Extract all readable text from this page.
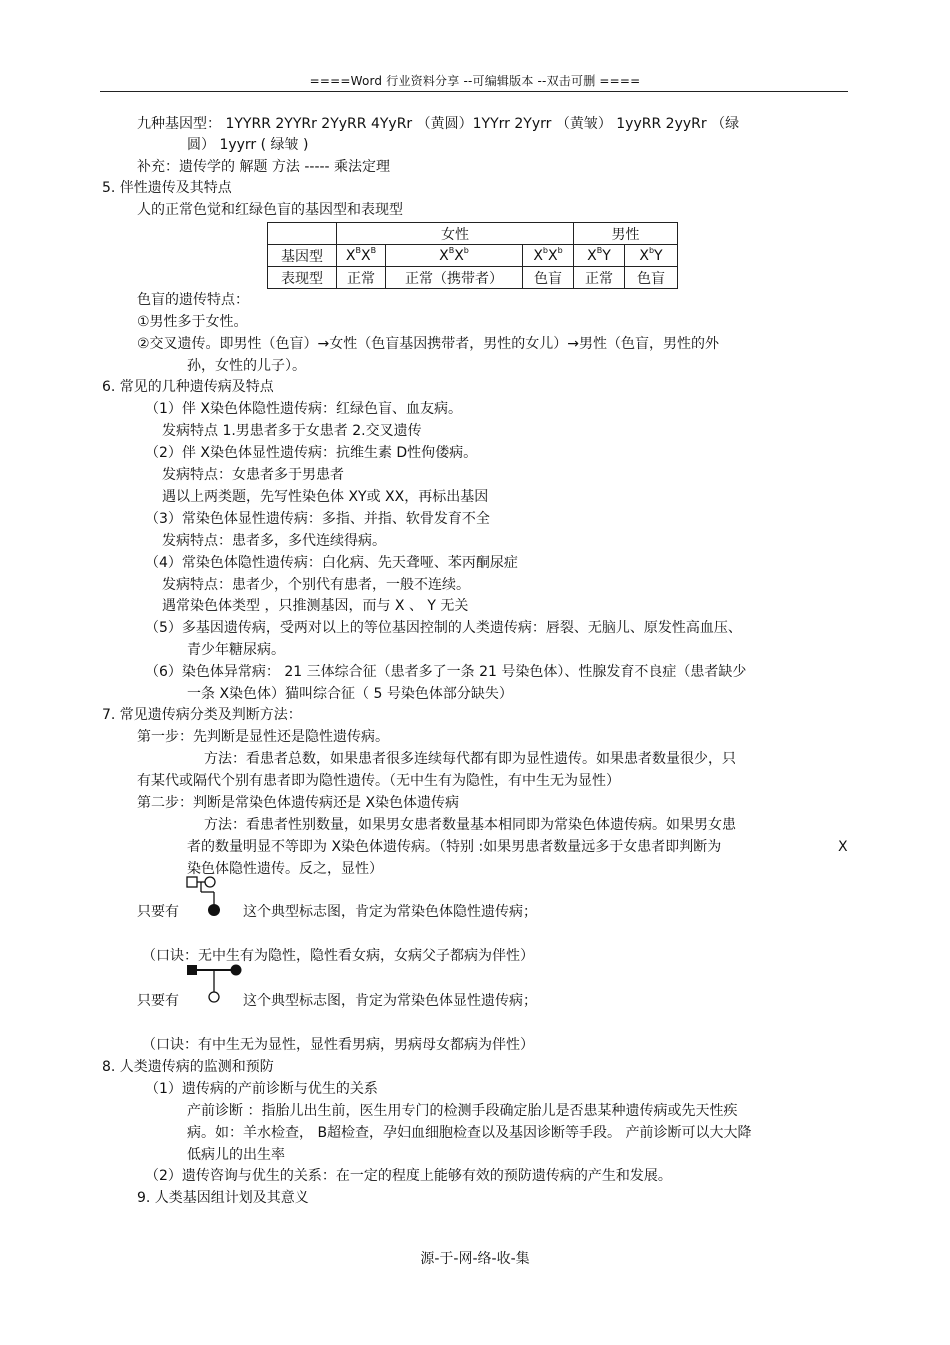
====Word 行业资料分享 --可编辑版本 --双击可删 ====
九种基因型： 1YYRR 2YYRr 2YyRR 4YyRr （黄圆）1YYrr 2Yyrr （黄皱） 1yyRR 2yyRr （绿
圆） 1yyrr ( 绿皱 )
补充：遗传学的 解题 方法 ----- 乘法定理
5. 伴性遗传及其特点
人的正常色觉和红绿色盲的基因型和表现型
	女性			男性	
基因型	$X^BX^B$	$X^BX^b$	$X^bX^b$	$X^BY$	$X^bY$
表现型	正常	正常（携带者）	色盲	正常	色盲
色盲的遗传特点：
①男性多于女性。
②交叉遗传。即男性（色盲）→女性（色盲基因携带者，男性的女儿）→男性（色盲，男性的外
孙，女性的儿子）。
6. 常见的几种遗传病及特点
（1）伴 X染色体隐性遗传病：红绿色盲、血友病。
发病特点 1.男患者多于女患者 2.交叉遗传
（2）伴 X染色体显性遗传病：抗维生素 D性佝偻病。
发病特点：女患者多于男患者
遇以上两类题，先写性染色体 XY或 XX，再标出基因
（3）常染色体显性遗传病：多指、并指、软骨发育不全
发病特点：患者多，多代连续得病。
（4）常染色体隐性遗传病：白化病、先天聋哑、苯丙酮尿症
发病特点：患者少，个别代有患者，一般不连续。
遇常染色体类型 ，只推测基因，而与 X 、 Y 无关
（5）多基因遗传病，受两对以上的等位基因控制的人类遗传病：唇裂、无脑儿、原发性高血压、
青少年糖尿病。
（6）染色体异常病： 21 三体综合征（患者多了一条 21 号染色体）、性腺发育不良症（患者缺少
一条 X染色体）猫叫综合征（ 5 号染色体部分缺失）
7. 常见遗传病分类及判断方法：
第一步：先判断是显性还是隐性遗传病。
方法：看患者总数，如果患者很多连续每代都有即为显性遗传。如果患者数量很少，只
有某代或隔代个别有患者即为隐性遗传。（无中生有为隐性，有中生无为显性）
第二步：判断是常染色体遗传病还是 X染色体遗传病
方法：看患者性别数量，如果男女患者数量基本相同即为常染色体遗传病。如果男女患
者的数量明显不等即为 X染色体遗传病。（特别 :如果男患者数量远多于女患者即判断为	X
染色体隐性遗传。反之，显性）
只要有	这个典型标志图，肯定为常染色体隐性遗传病；
（口诀：无中生有为隐性，隐性看女病，女病父子都病为伴性）
只要有	这个典型标志图，肯定为常染色体显性遗传病；
（口诀：有中生无为显性，显性看男病，男病母女都病为伴性）
8. 人类遗传病的监测和预防
（1）遗传病的产前诊断与优生的关系
产前诊断 ：指胎儿出生前，医生用专门的检测手段确定胎儿是否患某种遗传病或先天性疾
病。如：羊水检查， B超检查，孕妇血细胞检查以及基因诊断等手段。 产前诊断可以大大降
低病儿的出生率
（2）遗传咨询与优生的关系：在一定的程度上能够有效的预防遗传病的产生和发展。
9. 人类基因组计划及其意义
源-于-网-络-收-集
